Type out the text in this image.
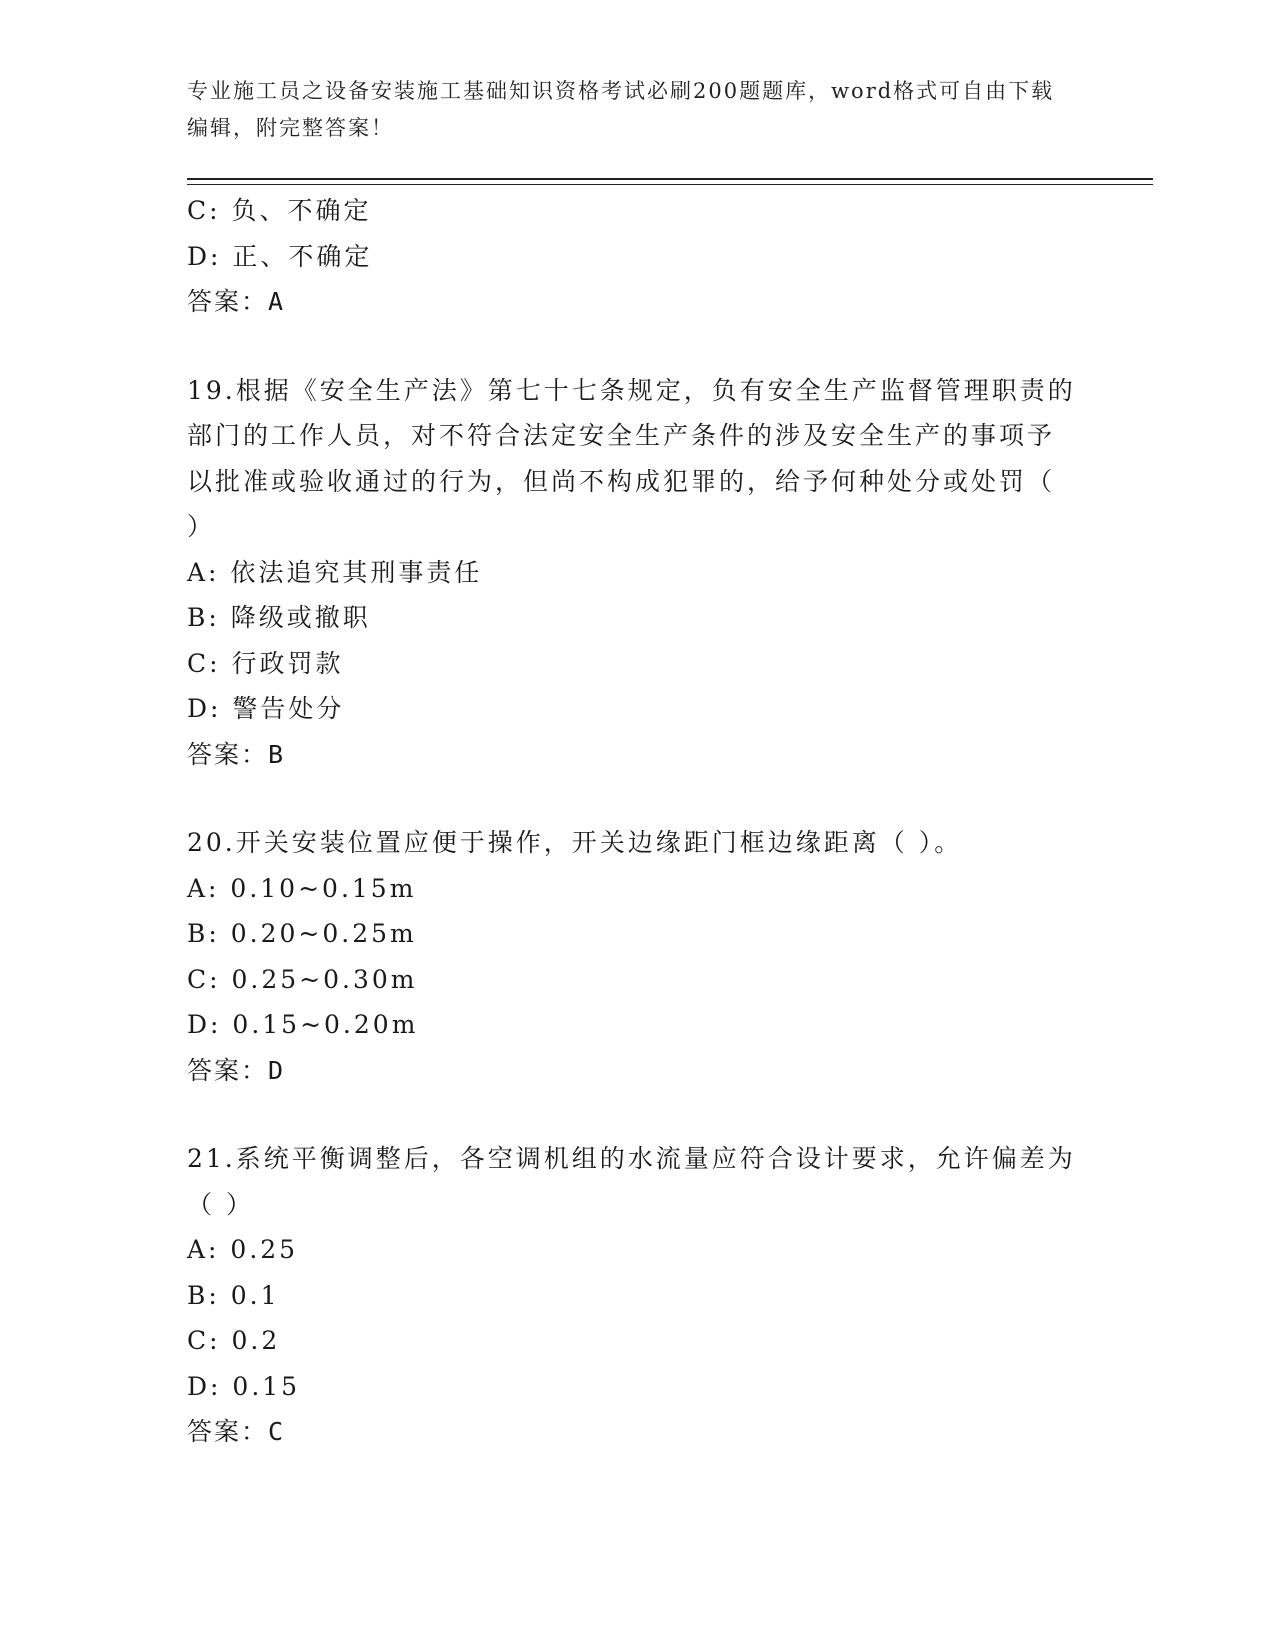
专业施工员之设备安装施工基础知识资格考试必刷200题题库，word格式可自由下载编辑，附完整答案！
C: 负、不确定
D: 正、不确定
答案：A
19.根据《安全生产法》第七十七条规定，负有安全生产监督管理职责的部门的工作人员，对不符合法定安全生产条件的涉及安全生产的事项予以批准或验收通过的行为，但尚不构成犯罪的，给予何种处分或处罚（ ）
A: 依法追究其刑事责任
B: 降级或撤职
C: 行政罚款
D: 警告处分
答案：B
20.开关安装位置应便于操作，开关边缘距门框边缘距离（ ）。
A: 0.10~0.15m
B: 0.20~0.25m
C: 0.25~0.30m
D: 0.15~0.20m
答案：D
21.系统平衡调整后，各空调机组的水流量应符合设计要求，允许偏差为（ ）
A: 0.25
B: 0.1
C: 0.2
D: 0.15
答案：C
